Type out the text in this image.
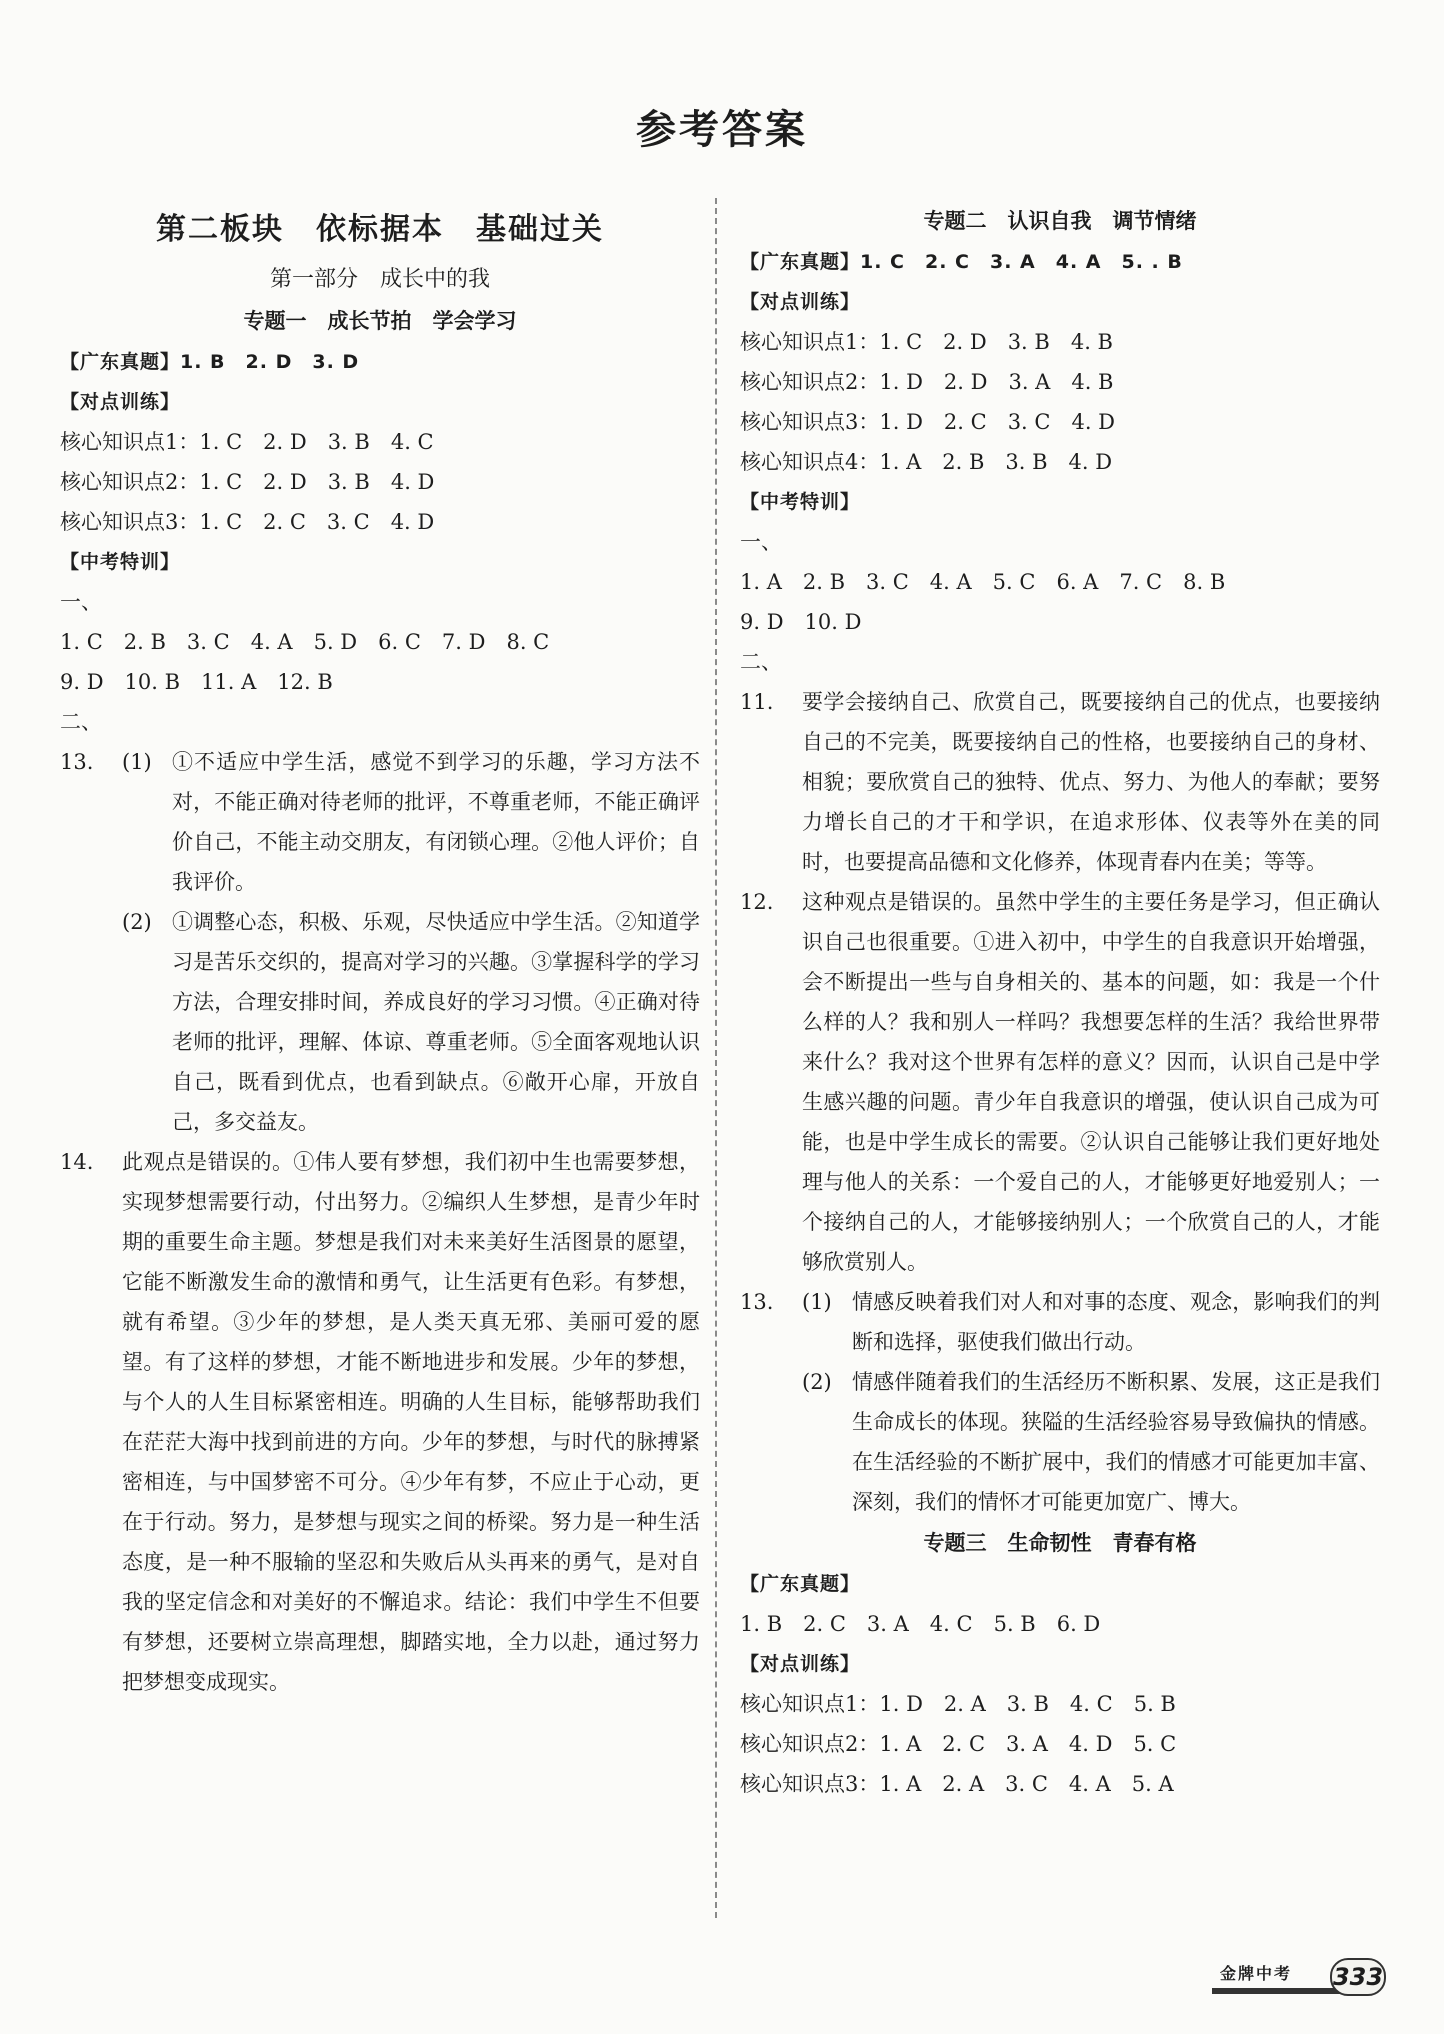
参考答案
第二板块　依标据本　基础过关
第一部分　成长中的我
专题一　成长节拍　学会学习
【广东真题】1. B　2. D　3. D
【对点训练】
核心知识点1：1. C　2. D　3. B　4. C
核心知识点2：1. C　2. D　3. B　4. D
核心知识点3：1. C　2. C　3. C　4. D
【中考特训】
一、
1. C　2. B　3. C　4. A　5. D　6. C　7. D　8. C
9. D　10. B　11. A　12. B
二、
13.	(1) ①不适应中学生活，感觉不到学习的乐趣，学习方法不对，不能正确对待老师的批评，不尊重老师，不能正确评价自己，不能主动交朋友，有闭锁心理。②他人评价；自我评价。
(2) ①调整心态，积极、乐观，尽快适应中学生活。②知道学习是苦乐交织的，提高对学习的兴趣。③掌握科学的学习方法，合理安排时间，养成良好的学习习惯。④正确对待老师的批评，理解、体谅、尊重老师。⑤全面客观地认识自己，既看到优点，也看到缺点。⑥敞开心扉，开放自己，多交益友。
14.	此观点是错误的。①伟人要有梦想，我们初中生也需要梦想，实现梦想需要行动，付出努力。②编织人生梦想，是青少年时期的重要生命主题。梦想是我们对未来美好生活图景的愿望，它能不断激发生命的激情和勇气，让生活更有色彩。有梦想，就有希望。③少年的梦想，是人类天真无邪、美丽可爱的愿望。有了这样的梦想，才能不断地进步和发展。少年的梦想，与个人的人生目标紧密相连。明确的人生目标，能够帮助我们在茫茫大海中找到前进的方向。少年的梦想，与时代的脉搏紧密相连，与中国梦密不可分。④少年有梦，不应止于心动，更在于行动。努力，是梦想与现实之间的桥梁。努力是一种生活态度，是一种不服输的坚忍和失败后从头再来的勇气，是对自我的坚定信念和对美好的不懈追求。结论：我们中学生不但要有梦想，还要树立崇高理想，脚踏实地，全力以赴，通过努力把梦想变成现实。
专题二　认识自我　调节情绪
【广东真题】1. C　2. C　3. A　4. A　5. . B
【对点训练】
核心知识点1：1. C　2. D　3. B　4. B
核心知识点2：1. D　2. D　3. A　4. B
核心知识点3：1. D　2. C　3. C　4. D
核心知识点4：1. A　2. B　3. B　4. D
【中考特训】
一、
1. A　2. B　3. C　4. A　5. C　6. A　7. C　8. B
9. D　10. D
二、
11.	要学会接纳自己、欣赏自己，既要接纳自己的优点，也要接纳自己的不完美，既要接纳自己的性格，也要接纳自己的身材、相貌；要欣赏自己的独特、优点、努力、为他人的奉献；要努力增长自己的才干和学识，在追求形体、仪表等外在美的同时，也要提高品德和文化修养，体现青春内在美；等等。
12.	这种观点是错误的。虽然中学生的主要任务是学习，但正确认识自己也很重要。①进入初中，中学生的自我意识开始增强，会不断提出一些与自身相关的、基本的问题，如：我是一个什么样的人？我和别人一样吗？我想要怎样的生活？我给世界带来什么？我对这个世界有怎样的意义？因而，认识自己是中学生感兴趣的问题。青少年自我意识的增强，使认识自己成为可能，也是中学生成长的需要。②认识自己能够让我们更好地处理与他人的关系：一个爱自己的人，才能够更好地爱别人；一个接纳自己的人，才能够接纳别人；一个欣赏自己的人，才能够欣赏别人。
13.	(1) 情感反映着我们对人和对事的态度、观念，影响我们的判断和选择，驱使我们做出行动。
(2) 情感伴随着我们的生活经历不断积累、发展，这正是我们生命成长的体现。狭隘的生活经验容易导致偏执的情感。在生活经验的不断扩展中，我们的情感才可能更加丰富、深刻，我们的情怀才可能更加宽广、博大。
专题三　生命韧性　青春有格
【广东真题】
1. B　2. C　3. A　4. C　5. B　6. D
【对点训练】
核心知识点1：1. D　2. A　3. B　4. C　5. B
核心知识点2：1. A　2. C　3. A　4. D　5. C
核心知识点3：1. A　2. A　3. C　4. A　5. A
金牌中考	333
